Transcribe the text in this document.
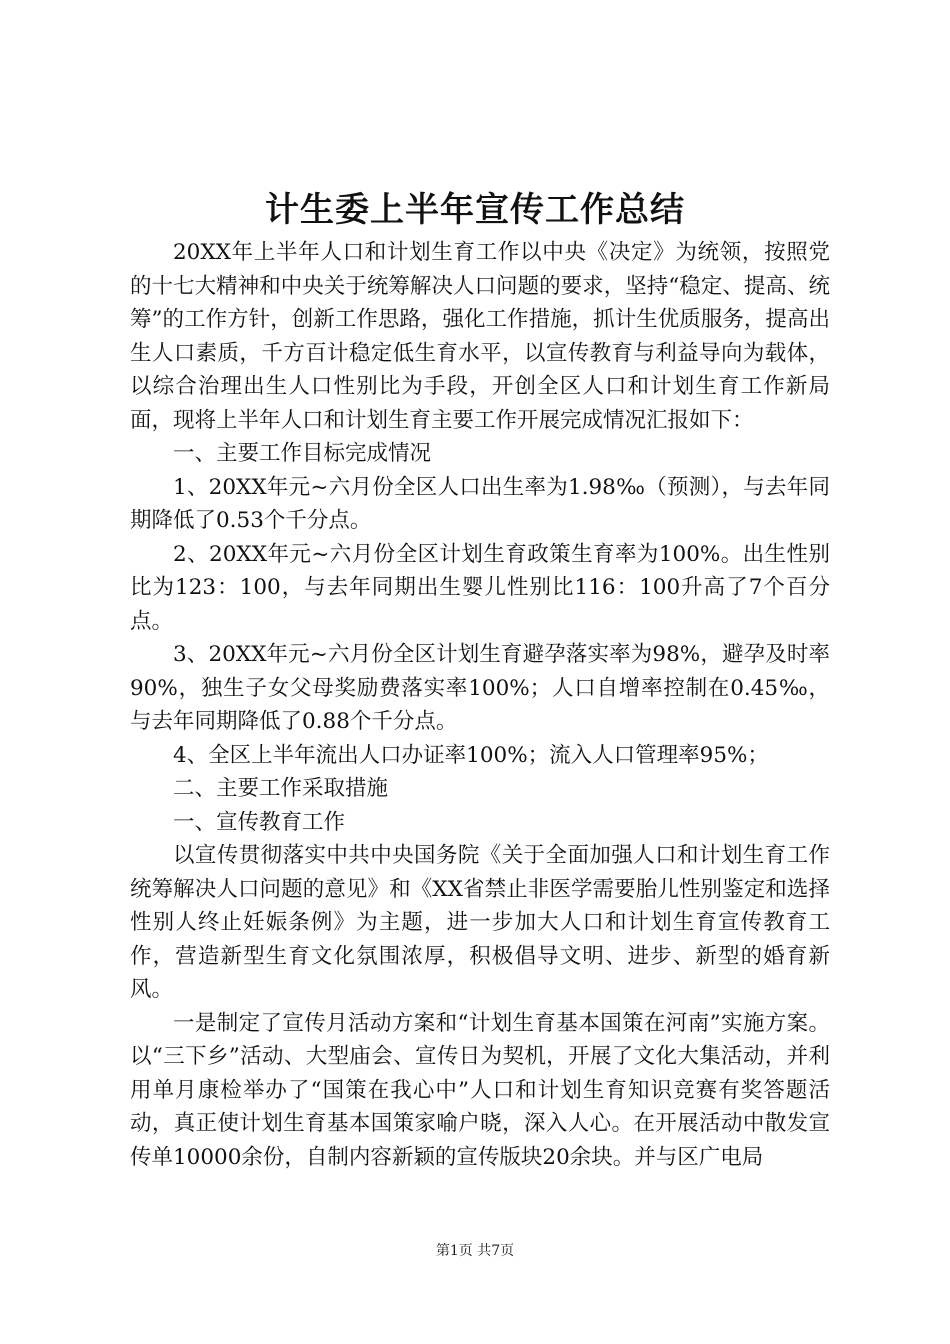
计生委上半年宣传工作总结

20XX年上半年人口和计划生育工作以中央《决定》为统领，按照党的十七大精神和中央关于统筹解决人口问题的要求，坚持“稳定、提高、统筹”的工作方针，创新工作思路，强化工作措施，抓计生优质服务，提高出生人口素质，千方百计稳定低生育水平，以宣传教育与利益导向为载体，以综合治理出生人口性别比为手段，开创全区人口和计划生育工作新局面，现将上半年人口和计划生育主要工作开展完成情况汇报如下：

一、主要工作目标完成情况

1、20XX年元~六月份全区人口出生率为1.98‰（预测），与去年同期降低了0.53个千分点。

2、20XX年元~六月份全区计划生育政策生育率为100%。出生性别比为123：100，与去年同期出生婴儿性别比116：100升高了7个百分点。

3、20XX年元~六月份全区计划生育避孕落实率为98%，避孕及时率90%，独生子女父母奖励费落实率100%；人口自增率控制在0.45‰，与去年同期降低了0.88个千分点。

4、全区上半年流出人口办证率100%；流入人口管理率95%；

二、主要工作采取措施

一、宣传教育工作

以宣传贯彻落实中共中央国务院《关于全面加强人口和计划生育工作统筹解决人口问题的意见》和《XX省禁止非医学需要胎儿性别鉴定和选择性别人终止妊娠条例》为主题，进一步加大人口和计划生育宣传教育工作，营造新型生育文化氛围浓厚，积极倡导文明、进步、新型的婚育新风。

一是制定了宣传月活动方案和“计划生育基本国策在河南”实施方案。以“三下乡”活动、大型庙会、宣传日为契机，开展了文化大集活动，并利用单月康检举办了“国策在我心中”人口和计划生育知识竞赛有奖答题活动，真正使计划生育基本国策家喻户晓，深入人心。在开展活动中散发宣传单10000余份，自制内容新颖的宣传版块20余块。并与区广电局

第1页 共7页
